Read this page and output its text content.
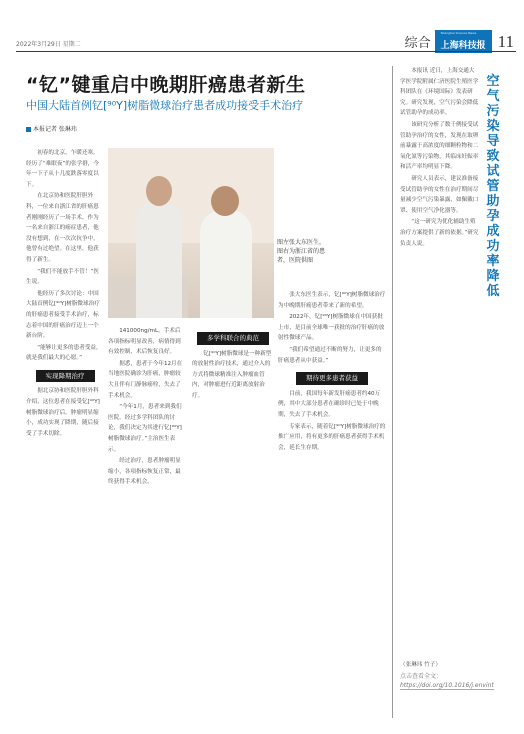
2022年3月29日 星期二	综合
Shanghai Science News
上海科技报 11
“钇”键重启中晚期肝癌患者新生
中国大陆首例钇[⁹⁰Y]树脂微球治疗患者成功接受手术治疗
本报记者 张琳玮

初春的北京，乍暖还寒。经历了“难眠夜”的张学群，今年一下子从十几度跌落零度以下。

在北京协和医院肝胆外科，一位来自浙江省的肝癌患者刚刚经历了一场手术。作为一名来自浙江的癌症患者，他没有想到，在一次次抗争中，他曾有过绝望。在这里，他获得了新生。

“我们不能放手不管！”医生说。

他经历了多次讨论：中国大陆首例钇[⁹⁰Y]树脂微球治疗的肝癌患者接受手术治疗，标志着中国的肝癌治疗迈上一个新台阶。

“能够让更多的患者受益，就是我们最大的心愿。”

实现降期治疗

据北京协和医院肝胆外科介绍，这位患者在接受钇[⁹⁰Y]树脂微球治疗后，肿瘤明显缩小，成功实现了降期，随后接受了手术切除。

图左张大东医生，图右为浙江省的患者，医院供图

141000ng/mL。手术后各项指标明显改善，病情得到有效控制，术后恢复良好。

据悉，患者于今年12月在当地医院确诊为肝癌，肿瘤较大且伴有门静脉癌栓，失去了手术机会。

“今年1月，患者来到我们医院。经过多学科团队的讨论，我们决定为其进行钇[⁹⁰Y]树脂微球治疗。”主治医生表示。

经过治疗，患者肿瘤明显缩小，各项指标恢复正常，最终获得手术机会。

多学科联合的典范

钇[⁹⁰Y]树脂微球是一种新型的放射性治疗技术，通过介入的方式将微球精准注入肿瘤血管内，对肿瘤进行近距离放射治疗。

张大东医生表示，钇[⁹⁰Y]树脂微球治疗为中晚期肝癌患者带来了新的希望。

2022年，钇[⁹⁰Y]树脂微球在中国获批上市，是目前全球唯一获批的治疗肝癌的放射性微球产品。

“我们希望通过不断的努力，让更多的肝癌患者从中获益。”

期待更多患者获益

目前，我国每年新发肝癌患者约40万例，其中大部分患者在确诊时已处于中晚期，失去了手术机会。

专家表示，随着钇[⁹⁰Y]树脂微球治疗的推广应用，将有更多的肝癌患者获得手术机会，延长生存期。

本报讯 近日，上海交通大学医学院附属仁济医院生殖医学科团队在《环境国际》发表研究。研究发现，空气污染会降低试管助孕的成功率。

该研究分析了数千例接受试管助孕治疗的女性，发现在取卵前暴露于高浓度的细颗粒物和二氧化氮等污染物，其临床妊娠率和活产率均明显下降。

研究人员表示，建议准备接受试管助孕的女性在治疗期间尽量减少空气污染暴露，如佩戴口罩、使用空气净化器等。

“这一研究为优化辅助生殖治疗方案提供了新的依据。”研究负责人说。

空
气
污
染
导
致
试
管
助
孕
成
功
率
降
低
（张琳玮 竹子）
点击查看全文：
https://doi.org/10.1016/j.envint
